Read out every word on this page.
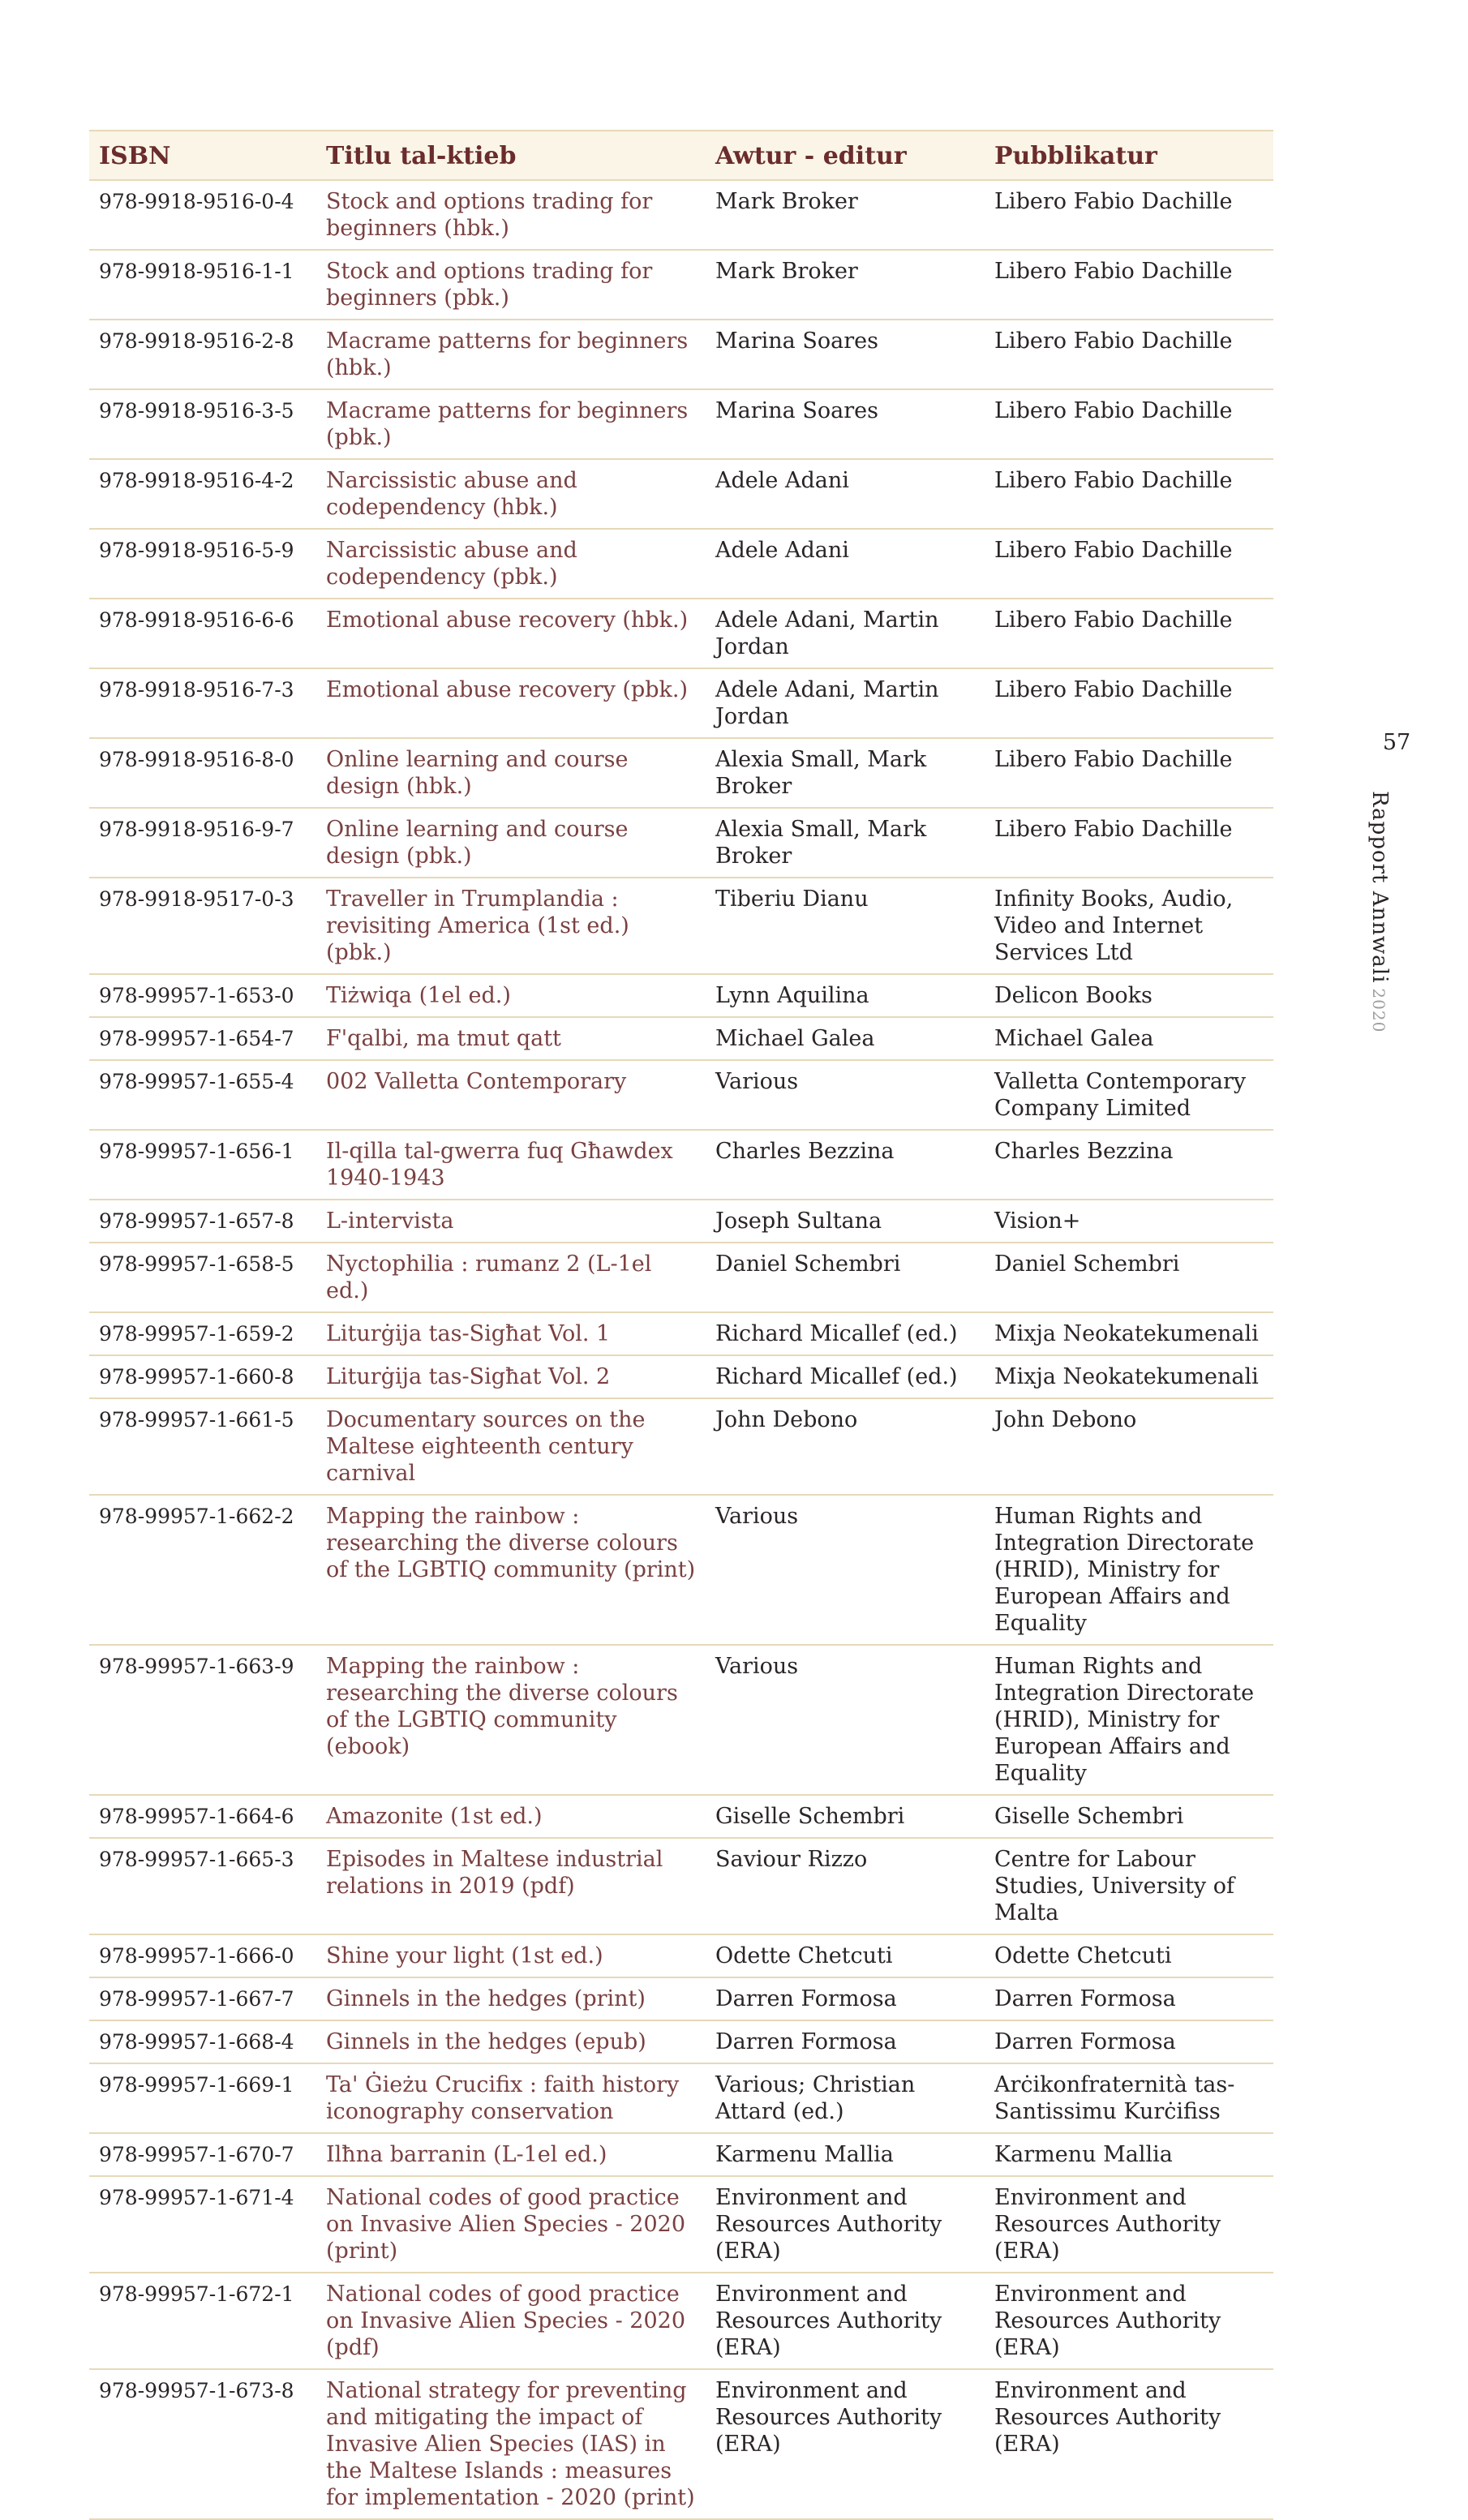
ISBN	Titlu tal-ktieb	Awtur - editur	Pubblikatur
978-9918-9516-0-4	Stock and options trading for beginners (hbk.)	Mark Broker	Libero Fabio Dachille
978-9918-9516-1-1	Stock and options trading for beginners (pbk.)	Mark Broker	Libero Fabio Dachille
978-9918-9516-2-8	Macrame patterns for beginners (hbk.)	Marina Soares	Libero Fabio Dachille
978-9918-9516-3-5	Macrame patterns for beginners (pbk.)	Marina Soares	Libero Fabio Dachille
978-9918-9516-4-2	Narcissistic abuse and codependency (hbk.)	Adele Adani	Libero Fabio Dachille
978-9918-9516-5-9	Narcissistic abuse and codependency (pbk.)	Adele Adani	Libero Fabio Dachille
978-9918-9516-6-6	Emotional abuse recovery (hbk.)	Adele Adani, Martin Jordan	Libero Fabio Dachille
978-9918-9516-7-3	Emotional abuse recovery (pbk.)	Adele Adani, Martin Jordan	Libero Fabio Dachille
978-9918-9516-8-0	Online learning and course design (hbk.)	Alexia Small, Mark Broker	Libero Fabio Dachille
978-9918-9516-9-7	Online learning and course design (pbk.)	Alexia Small, Mark Broker	Libero Fabio Dachille
978-9918-9517-0-3	Traveller in Trumplandia : revisiting America (1st ed.) (pbk.)	Tiberiu Dianu	Infinity Books, Audio, Video and Internet Services Ltd
978-99957-1-653-0	Tiżwiqa (1el ed.)	Lynn Aquilina	Delicon Books
978-99957-1-654-7	F'qalbi, ma tmut qatt	Michael Galea	Michael Galea
978-99957-1-655-4	002 Valletta Contemporary	Various	Valletta Contemporary Company Limited
978-99957-1-656-1	Il-qilla tal-gwerra fuq Għawdex 1940-1943	Charles Bezzina	Charles Bezzina
978-99957-1-657-8	L-intervista	Joseph Sultana	Vision+
978-99957-1-658-5	Nyctophilia : rumanz 2 (L-1el ed.)	Daniel Schembri	Daniel Schembri
978-99957-1-659-2	Liturġija tas-Sigħat Vol. 1	Richard Micallef (ed.)	Mixja Neokatekumenali
978-99957-1-660-8	Liturġija tas-Sigħat Vol. 2	Richard Micallef (ed.)	Mixja Neokatekumenali
978-99957-1-661-5	Documentary sources on the Maltese eighteenth century carnival	John Debono	John Debono
978-99957-1-662-2	Mapping the rainbow : researching the diverse colours of the LGBTIQ community (print)	Various	Human Rights and Integration Directorate (HRID), Ministry for European Affairs and Equality
978-99957-1-663-9	Mapping the rainbow : researching the diverse colours of the LGBTIQ community (ebook)	Various	Human Rights and Integration Directorate (HRID), Ministry for European Affairs and Equality
978-99957-1-664-6	Amazonite (1st ed.)	Giselle Schembri	Giselle Schembri
978-99957-1-665-3	Episodes in Maltese industrial relations in 2019 (pdf)	Saviour Rizzo	Centre for Labour Studies, University of Malta
978-99957-1-666-0	Shine your light (1st ed.)	Odette Chetcuti	Odette Chetcuti
978-99957-1-667-7	Ginnels in the hedges (print)	Darren Formosa	Darren Formosa
978-99957-1-668-4	Ginnels in the hedges (epub)	Darren Formosa	Darren Formosa
978-99957-1-669-1	Ta' Ġieżu Crucifix : faith history iconography conservation	Various; Christian Attard (ed.)	Arċikonfraternità tas-Santissimu Kurċifiss
978-99957-1-670-7	Ilħna barranin (L-1el ed.)	Karmenu Mallia	Karmenu Mallia
978-99957-1-671-4	National codes of good practice on Invasive Alien Species - 2020 (print)	Environment and Resources Authority (ERA)	Environment and Resources Authority (ERA)
978-99957-1-672-1	National codes of good practice on Invasive Alien Species - 2020 (pdf)	Environment and Resources Authority (ERA)	Environment and Resources Authority (ERA)
978-99957-1-673-8	National strategy for preventing and mitigating the impact of Invasive Alien Species (IAS) in the Maltese Islands : measures for implementation - 2020 (print)	Environment and Resources Authority (ERA)	Environment and Resources Authority (ERA)
57
Rapport Annwali2020
